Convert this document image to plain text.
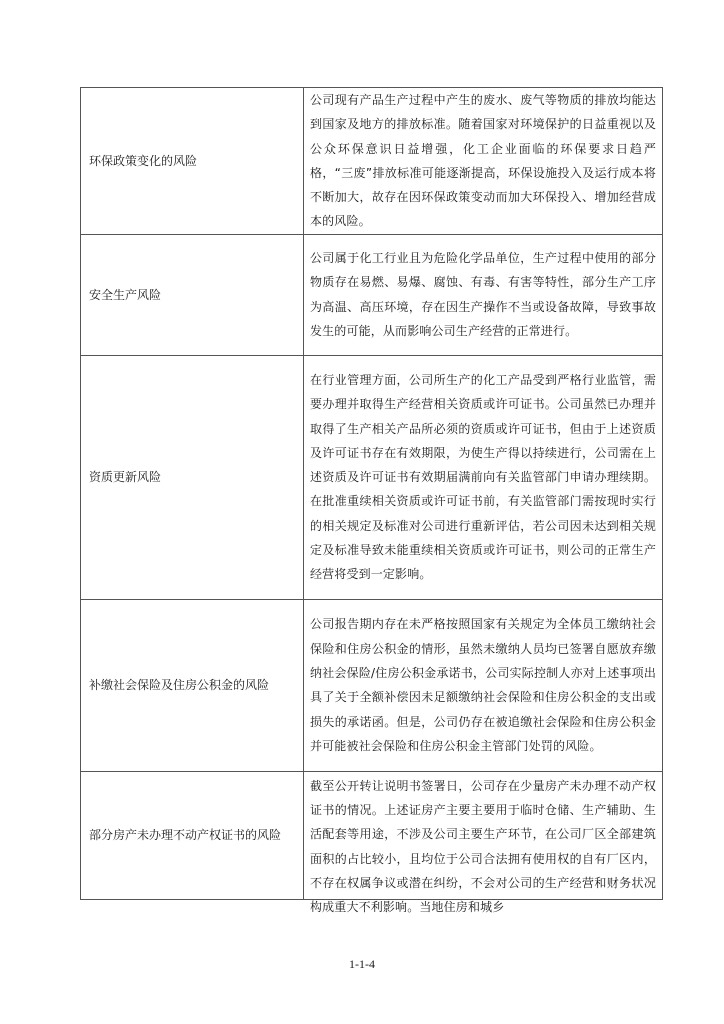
环保政策变化的风险	公司现有产品生产过程中产生的废水、废气等物质的排放均能达到国家及地方的排放标准。随着国家对环境保护的日益重视以及公众环保意识日益增强，化工企业面临的环保要求日趋严格，“三废”排放标准可能逐渐提高，环保设施投入及运行成本将不断加大，故存在因环保政策变动而加大环保投入、增加经营成本的风险。

安全生产风险	公司属于化工行业且为危险化学品单位，生产过程中使用的部分物质存在易燃、易爆、腐蚀、有毒、有害等特性，部分生产工序为高温、高压环境，存在因生产操作不当或设备故障，导致事故发生的可能，从而影响公司生产经营的正常进行。

资质更新风险	在行业管理方面，公司所生产的化工产品受到严格行业监管，需要办理并取得生产经营相关资质或许可证书。公司虽然已办理并取得了生产相关产品所必须的资质或许可证书，但由于上述资质及许可证书存在有效期限，为使生产得以持续进行，公司需在上述资质及许可证书有效期届满前向有关监管部门申请办理续期。在批准重续相关资质或许可证书前，有关监管部门需按现时实行的相关规定及标准对公司进行重新评估，若公司因未达到相关规定及标准导致未能重续相关资质或许可证书，则公司的正常生产经营将受到一定影响。

补缴社会保险及住房公积金的风险	公司报告期内存在未严格按照国家有关规定为全体员工缴纳社会保险和住房公积金的情形，虽然未缴纳人员均已签署自愿放弃缴纳社会保险/住房公积金承诺书，公司实际控制人亦对上述事项出具了关于全额补偿因未足额缴纳社会保险和住房公积金的支出或损失的承诺函。但是，公司仍存在被追缴社会保险和住房公积金并可能被社会保险和住房公积金主管部门处罚的风险。

部分房产未办理不动产权证书的风险	截至公开转让说明书签署日，公司存在少量房产未办理不动产权证书的情况。上述证房产主要主要用于临时仓储、生产辅助、生活配套等用途，不涉及公司主要生产环节，在公司厂区全部建筑面积的占比较小，且均位于公司合法拥有使用权的自有厂区内，不存在权属争议或潜在纠纷，不会对公司的生产经营和财务状况构成重大不利影响。当地住房和城乡
1-1-4
